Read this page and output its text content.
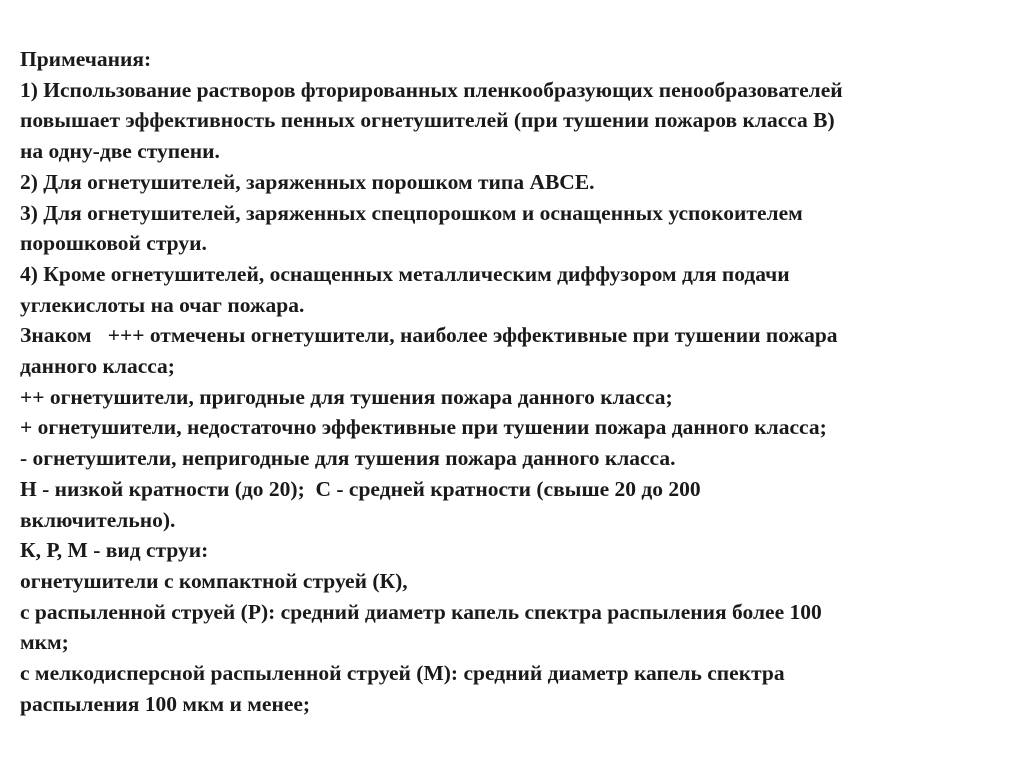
Примечания:
1) Использование растворов фторированных пленкообразующих пенообразователей
повышает эффективность пенных огнетушителей (при тушении пожаров класса В)
на одну-две ступени.
2) Для огнетушителей, заряженных порошком типа АВСЕ.
3) Для огнетушителей, заряженных спецпорошком и оснащенных успокоителем
порошковой струи.
4) Кроме огнетушителей, оснащенных металлическим диффузором для подачи
углекислоты на очаг пожара.
Знаком   +++ отмечены огнетушители, наиболее эффективные при тушении пожара
данного класса;
++ огнетушители, пригодные для тушения пожара данного класса;
+ огнетушители, недостаточно эффективные при тушении пожара данного класса;
- огнетушители, непригодные для тушения пожара данного класса.
Н - низкой кратности (до 20);  С - средней кратности (свыше 20 до 200
включительно).
К, Р, М - вид струи:
огнетушители с компактной струей (К),
с распыленной струей (Р): средний диаметр капель спектра распыления более 100
мкм;
с мелкодисперсной распыленной струей (М): средний диаметр капель спектра
распыления 100 мкм и менее;
